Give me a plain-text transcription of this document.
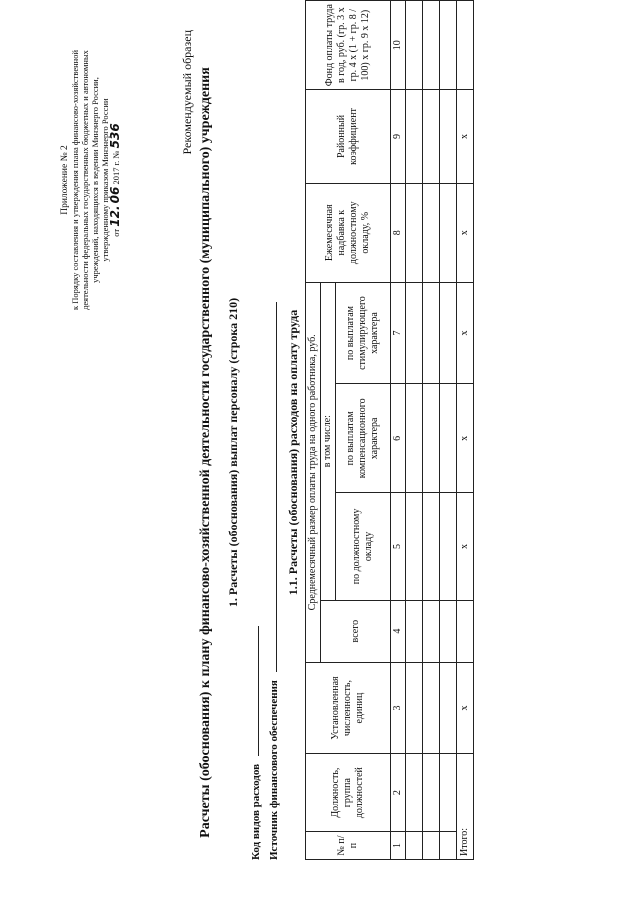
Приложение № 2 к Порядку составления и утверждения плана финансово-хозяйственной деятельности федеральных государственных бюджетных и автономных учреждений, находящихся в ведении Минэнерго России, утвержденному приказом Минэнерго России от 12. 06 2017 г. № 536	Рекомендуемый образец Расчеты (обоснования) к плану финансово-хозяйственной деятельности государственного (муниципального) учреждения 1. Расчеты (обоснования) выплат персоналу (строка 210)
Код видов расходов Источник финансового обеспечения
1.1. Расчеты (обоснования) расходов на оплату труда
№ п/п	Должность, группа должностей	Установленная численность, единиц	Среднемесячный размер оплаты труда на одного работника, руб.				Ежемесячная надбавка к должностному окладу, %	Районный коэффициент	Фонд оплаты труда в год, руб. (гр. 3 х гр. 4 х (1 + гр. 8 / 100) х гр. 9 х 12)
			всего	в том числе:					
				по должностному окладу	по выплатам компенсационного характера	по выплатам стимулирующего характера			
1	2	3	4	5	6	7	8	9	10

Итого:		x		x	x	x	x	x	
